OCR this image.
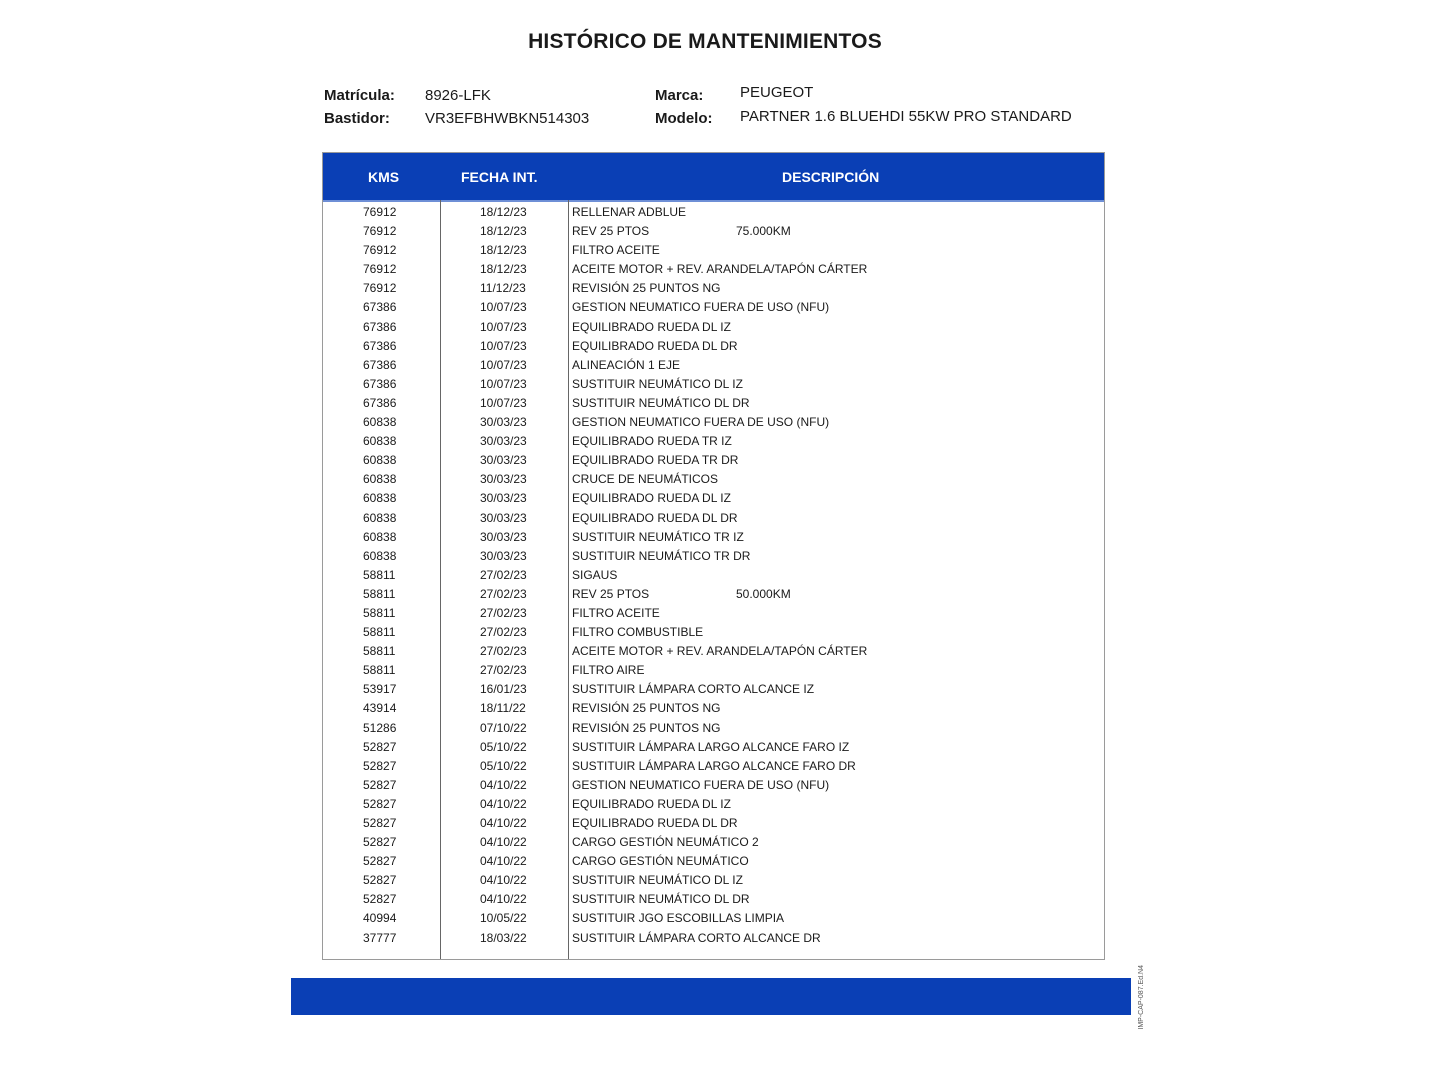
HISTÓRICO DE MANTENIMIENTOS
Matrícula: 8926-LFK
Bastidor: VR3EFBHWBKN514303
Marca: PEUGEOT
Modelo: PARTNER 1.6 BLUEHDI 55KW PRO STANDARD
KMS	FECHA INT.	DESCRIPCIÓN
76912	18/12/23	RELLENAR ADBLUE
76912	18/12/23	REV 25 PTOS	75.000KM
76912	18/12/23	FILTRO ACEITE
76912	18/12/23	ACEITE MOTOR + REV. ARANDELA/TAPÓN CÁRTER
76912	11/12/23	REVISIÓN 25 PUNTOS NG
67386	10/07/23	GESTION NEUMATICO FUERA DE USO (NFU)
67386	10/07/23	EQUILIBRADO RUEDA DL IZ
67386	10/07/23	EQUILIBRADO RUEDA DL DR
67386	10/07/23	ALINEACIÓN 1 EJE
67386	10/07/23	SUSTITUIR NEUMÁTICO DL IZ
67386	10/07/23	SUSTITUIR NEUMÁTICO DL DR
60838	30/03/23	GESTION NEUMATICO FUERA DE USO (NFU)
60838	30/03/23	EQUILIBRADO RUEDA TR IZ
60838	30/03/23	EQUILIBRADO RUEDA TR DR
60838	30/03/23	CRUCE DE NEUMÁTICOS
60838	30/03/23	EQUILIBRADO RUEDA DL IZ
60838	30/03/23	EQUILIBRADO RUEDA DL DR
60838	30/03/23	SUSTITUIR NEUMÁTICO TR IZ
60838	30/03/23	SUSTITUIR NEUMÁTICO TR DR
58811	27/02/23	SIGAUS
58811	27/02/23	REV 25 PTOS	50.000KM
58811	27/02/23	FILTRO ACEITE
58811	27/02/23	FILTRO COMBUSTIBLE
58811	27/02/23	ACEITE MOTOR + REV. ARANDELA/TAPÓN CÁRTER
58811	27/02/23	FILTRO AIRE
53917	16/01/23	SUSTITUIR LÁMPARA CORTO ALCANCE IZ
43914	18/11/22	REVISIÓN 25 PUNTOS NG
51286	07/10/22	REVISIÓN 25 PUNTOS NG
52827	05/10/22	SUSTITUIR LÁMPARA LARGO ALCANCE FARO IZ
52827	05/10/22	SUSTITUIR LÁMPARA LARGO ALCANCE FARO DR
52827	04/10/22	GESTION NEUMATICO FUERA DE USO (NFU)
52827	04/10/22	EQUILIBRADO RUEDA DL IZ
52827	04/10/22	EQUILIBRADO RUEDA DL DR
52827	04/10/22	CARGO GESTIÓN NEUMÁTICO 2
52827	04/10/22	CARGO GESTIÓN NEUMÁTICO
52827	04/10/22	SUSTITUIR NEUMÁTICO DL IZ
52827	04/10/22	SUSTITUIR NEUMÁTICO DL DR
40994	10/05/22	SUSTITUIR JGO ESCOBILLAS LIMPIA
37777	18/03/22	SUSTITUIR LÁMPARA CORTO ALCANCE DR
IMP-CAP-087.Ed.N4
